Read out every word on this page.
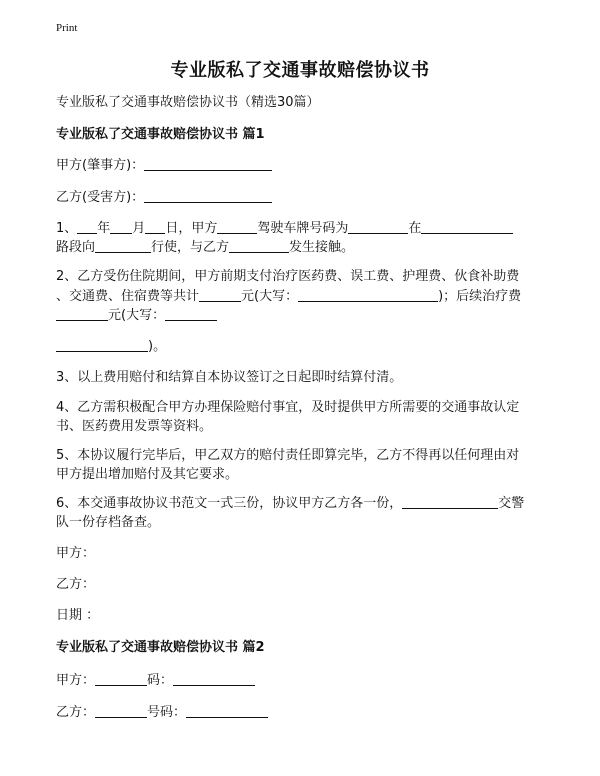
Print
专业版私了交通事故赔偿协议书
专业版私了交通事故赔偿协议书（精选30篇）
专业版私了交通事故赔偿协议书 篇1
甲方(肇事方)：
乙方(受害方)：
1、 年 月 日，甲方	驾驶车牌号码为	在
路段向	行使，与乙方	发生接触。
2、乙方受伤住院期间，甲方前期支付治疗医药费、误工费、护理费、伙食补助费
、交通费、住宿费等共计	元(大写：	)；后续治疗费
元(大写：
)。
3、以上费用赔付和结算自本协议签订之日起即时结算付清。
4、乙方需积极配合甲方办理保险赔付事宜，及时提供甲方所需要的交通事故认定
书、医药费用发票等资料。
5、本协议履行完毕后，甲乙双方的赔付责任即算完毕，乙方不得再以任何理由对
甲方提出增加赔付及其它要求。
6、本交通事故协议书范文一式三份，协议甲方乙方各一份，	交警
队一份存档备查。
甲方：
乙方：
日期 ：
专业版私了交通事故赔偿协议书 篇2
甲方：	码：
乙方：	号码：
